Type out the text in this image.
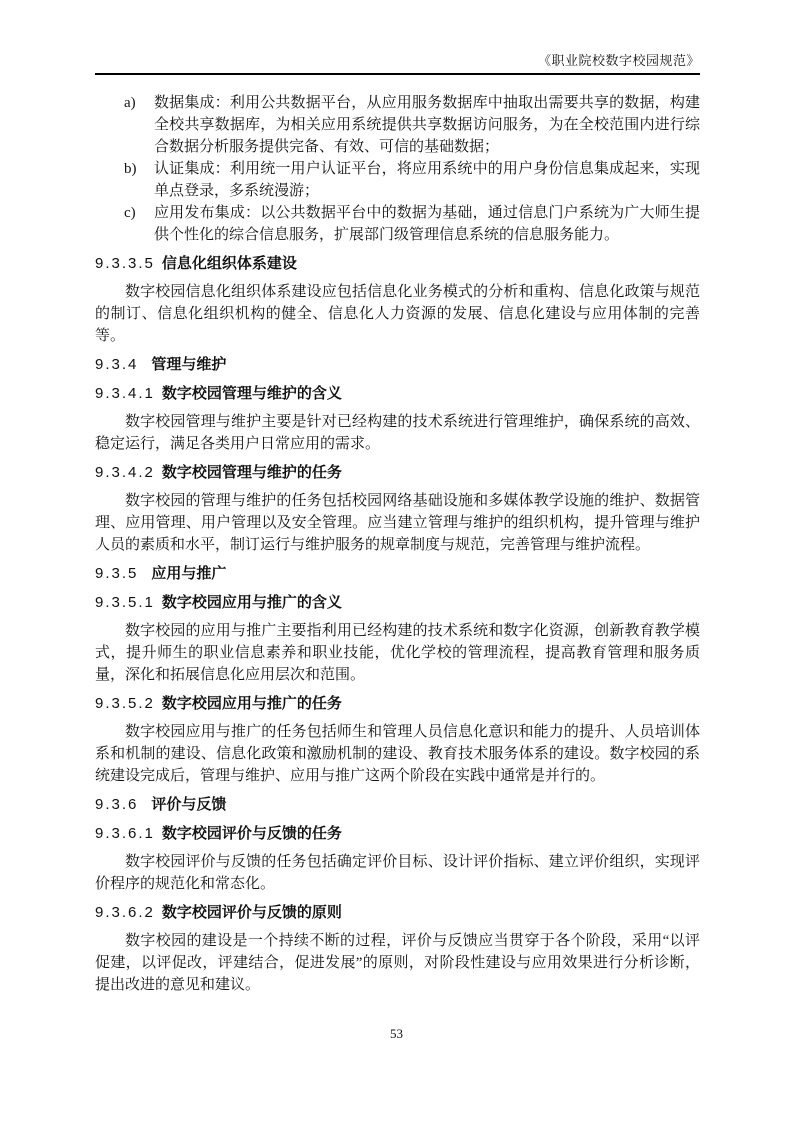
《职业院校数字校园规范》
a)	数据集成：利用公共数据平台，从应用服务数据库中抽取出需要共享的数据，构建全校共享数据库，为相关应用系统提供共享数据访问服务，为在全校范围内进行综合数据分析服务提供完备、有效、可信的基础数据；
b)	认证集成：利用统一用户认证平台，将应用系统中的用户身份信息集成起来，实现单点登录，多系统漫游；
c)	应用发布集成：以公共数据平台中的数据为基础，通过信息门户系统为广大师生提供个性化的综合信息服务，扩展部门级管理信息系统的信息服务能力。
9.3.3.5 信息化组织体系建设

数字校园信息化组织体系建设应包括信息化业务模式的分析和重构、信息化政策与规范的制订、信息化组织机构的健全、信息化人力资源的发展、信息化建设与应用体制的完善等。

9.3.4 管理与维护
9.3.4.1 数字校园管理与维护的含义

数字校园管理与维护主要是针对已经构建的技术系统进行管理维护，确保系统的高效、稳定运行，满足各类用户日常应用的需求。

9.3.4.2 数字校园管理与维护的任务

数字校园的管理与维护的任务包括校园网络基础设施和多媒体教学设施的维护、数据管理、应用管理、用户管理以及安全管理。应当建立管理与维护的组织机构，提升管理与维护人员的素质和水平，制订运行与维护服务的规章制度与规范，完善管理与维护流程。

9.3.5 应用与推广
9.3.5.1 数字校园应用与推广的含义

数字校园的应用与推广主要指利用已经构建的技术系统和数字化资源，创新教育教学模式，提升师生的职业信息素养和职业技能，优化学校的管理流程，提高教育管理和服务质量，深化和拓展信息化应用层次和范围。

9.3.5.2 数字校园应用与推广的任务

数字校园应用与推广的任务包括师生和管理人员信息化意识和能力的提升、人员培训体系和机制的建设、信息化政策和激励机制的建设、教育技术服务体系的建设。数字校园的系统建设完成后，管理与维护、应用与推广这两个阶段在实践中通常是并行的。

9.3.6 评价与反馈
9.3.6.1 数字校园评价与反馈的任务

数字校园评价与反馈的任务包括确定评价目标、设计评价指标、建立评价组织，实现评价程序的规范化和常态化。

9.3.6.2 数字校园评价与反馈的原则

数字校园的建设是一个持续不断的过程，评价与反馈应当贯穿于各个阶段，采用“以评促建，以评促改，评建结合，促进发展”的原则，对阶段性建设与应用效果进行分析诊断，提出改进的意见和建议。

53
